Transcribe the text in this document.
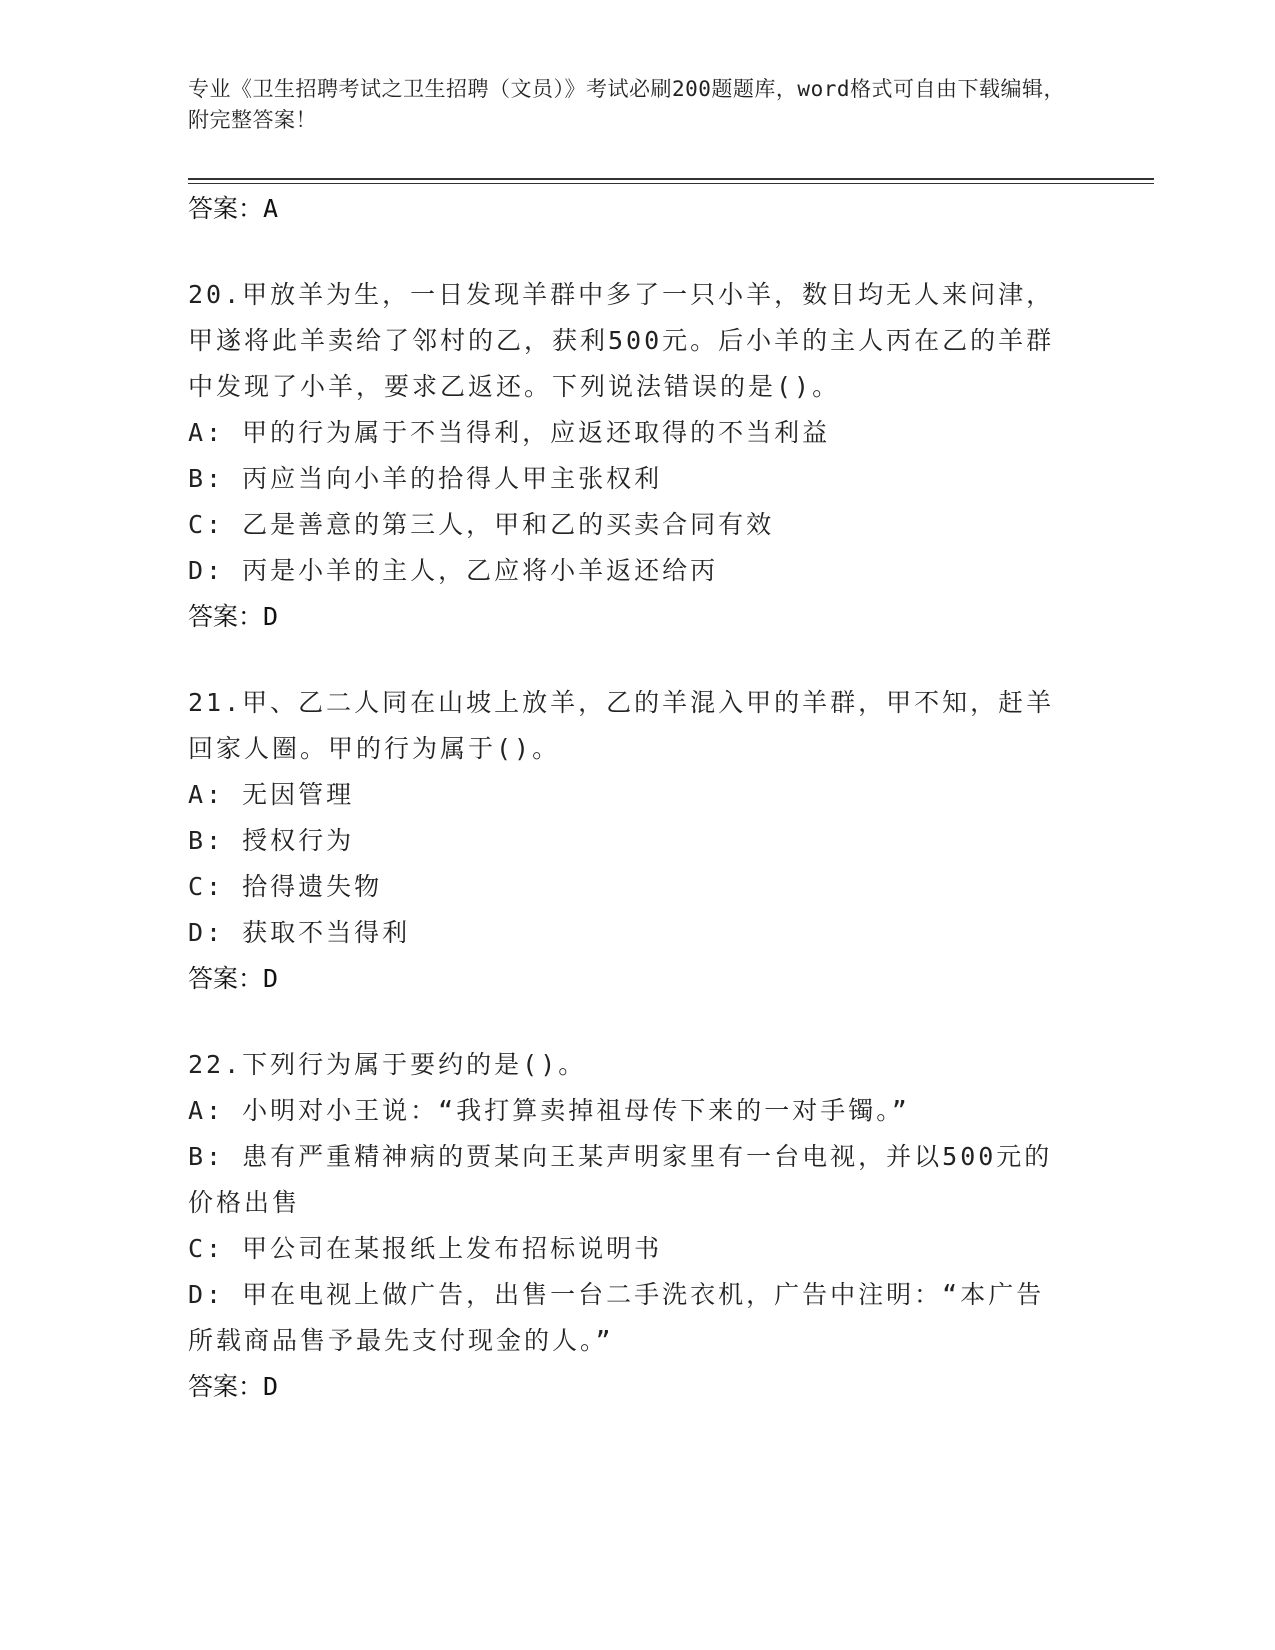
专业《卫生招聘考试之卫生招聘（文员）》考试必刷200题题库，word格式可自由下载编辑，附完整答案！
答案：A
20.甲放羊为生，一日发现羊群中多了一只小羊，数日均无人来问津，甲遂将此羊卖给了邻村的乙，获利500元。后小羊的主人丙在乙的羊群中发现了小羊，要求乙返还。下列说法错误的是()。
A: 甲的行为属于不当得利，应返还取得的不当利益
B: 丙应当向小羊的拾得人甲主张权利
C: 乙是善意的第三人，甲和乙的买卖合同有效
D: 丙是小羊的主人，乙应将小羊返还给丙
答案：D
21.甲、乙二人同在山坡上放羊，乙的羊混入甲的羊群，甲不知，赶羊回家人圈。甲的行为属于()。
A: 无因管理
B: 授权行为
C: 拾得遗失物
D: 获取不当得利
答案：D
22.下列行为属于要约的是()。
A: 小明对小王说：“我打算卖掉祖母传下来的一对手镯。”
B: 患有严重精神病的贾某向王某声明家里有一台电视，并以500元的价格出售
C: 甲公司在某报纸上发布招标说明书
D: 甲在电视上做广告，出售一台二手洗衣机，广告中注明：“本广告所载商品售予最先支付现金的人。”
答案：D
